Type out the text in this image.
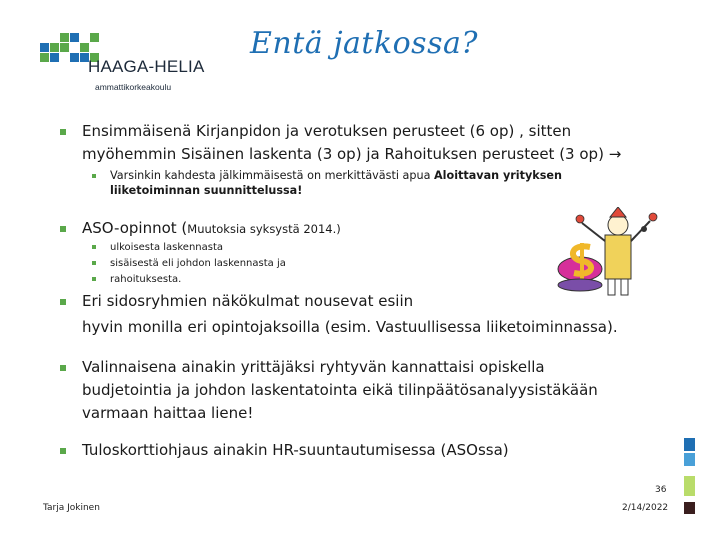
HAAGA-HELIA
ammattikorkeakoulu
Entä jatkossa?
Ensimmäisenä Kirjanpidon ja verotuksen perusteet (6 op) , sitten
myöhemmin Sisäinen laskenta (3 op) ja Rahoituksen perusteet (3 op) →
Varsinkin kahdesta jälkimmäisestä on merkittävästi apua Aloittavan yrityksen
liiketoiminnan suunnittelussa!
ASO-opinnot (Muutoksia syksystä 2014.)
ulkoisesta laskennasta
sisäisestä eli johdon laskennasta ja
rahoituksesta.
Eri sidosryhmien näkökulmat nousevat esiin
hyvin monilla eri opintojaksoilla (esim. Vastuullisessa liiketoiminnassa).
Valinnaisena ainakin yrittäjäksi ryhtyvän kannattaisi opiskella
budjetointia ja johdon laskentatointa eikä tilinpäätösanalyysistäkään
varmaan haittaa liene!
Tuloskorttiohjaus ainakin HR-suuntautumisessa (ASOssa)
Tarja Jokinen
36
2/14/2022
